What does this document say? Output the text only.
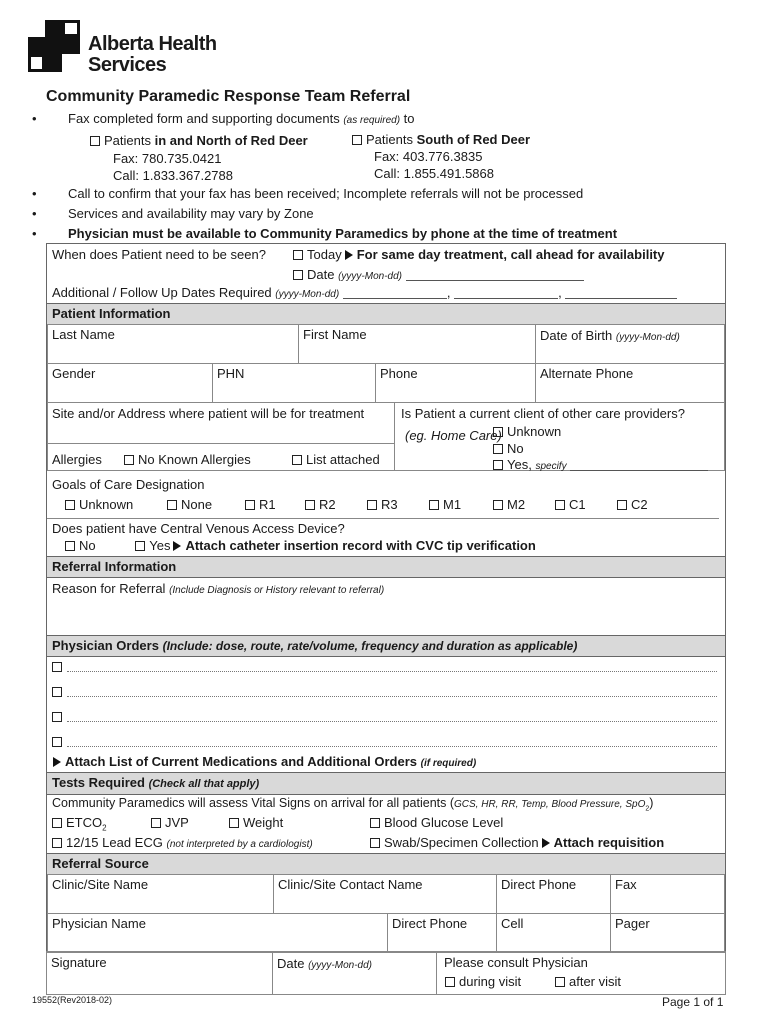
Alberta Health
Services
Community Paramedic Response Team Referral
• Fax completed form and supporting documents (as required) to
Patients in and North of Red Deer
Fax: 780.735.0421
Call: 1.833.367.2788
Patients South of Red Deer
Fax: 403.776.3835
Call: 1.855.491.5868
• Call to confirm that your fax has been received; Incomplete referrals will not be processed
• Services and availability may vary by Zone
• Physician must be available to Community Paramedics by phone at the time of treatment
When does Patient need to be seen?	Today For same day treatment, call ahead for availability
Date (yyyy-Mon-dd)
Additional / Follow Up Dates Required (yyyy-Mon-dd)	,	,
Patient Information
Last Name	First Name	Date of Birth (yyyy-Mon-dd)
Gender	PHN	Phone	Alternate Phone
Site and/or Address where patient will be for treatment
Allergies	No Known Allergies	List attached
Is Patient a current client of other care providers?
(eg. Home Care) Unknown
No
Yes, specify
Goals of Care Designation
Unknown	None	R1	R2	R3	M1	M2	C1	C2
Does patient have Central Venous Access Device?
No	Yes Attach catheter insertion record with CVC tip verification
Referral Information
Reason for Referral (Include Diagnosis or History relevant to referral)
Physician Orders (Include: dose, route, rate/volume, frequency and duration as applicable)
Attach List of Current Medications and Additional Orders (if required)
Tests Required (Check all that apply)
Community Paramedics will assess Vital Signs on arrival for all patients (GCS, HR, RR, Temp, Blood Pressure, SpO$_2$)
$ETCO_2$	JVP	Weight	Blood Glucose Level
12/15 Lead ECG (not interpreted by a cardiologist)	Swab/Specimen Collection Attach requisition
Referral Source
Clinic/Site Name	Clinic/Site Contact Name	Direct Phone	Fax
Physician Name	Direct Phone	Cell	Pager
Signature	Date (yyyy-Mon-dd)	Please consult Physician
during visit	after visit
19552(Rev2018-02)	Page 1 of 1
